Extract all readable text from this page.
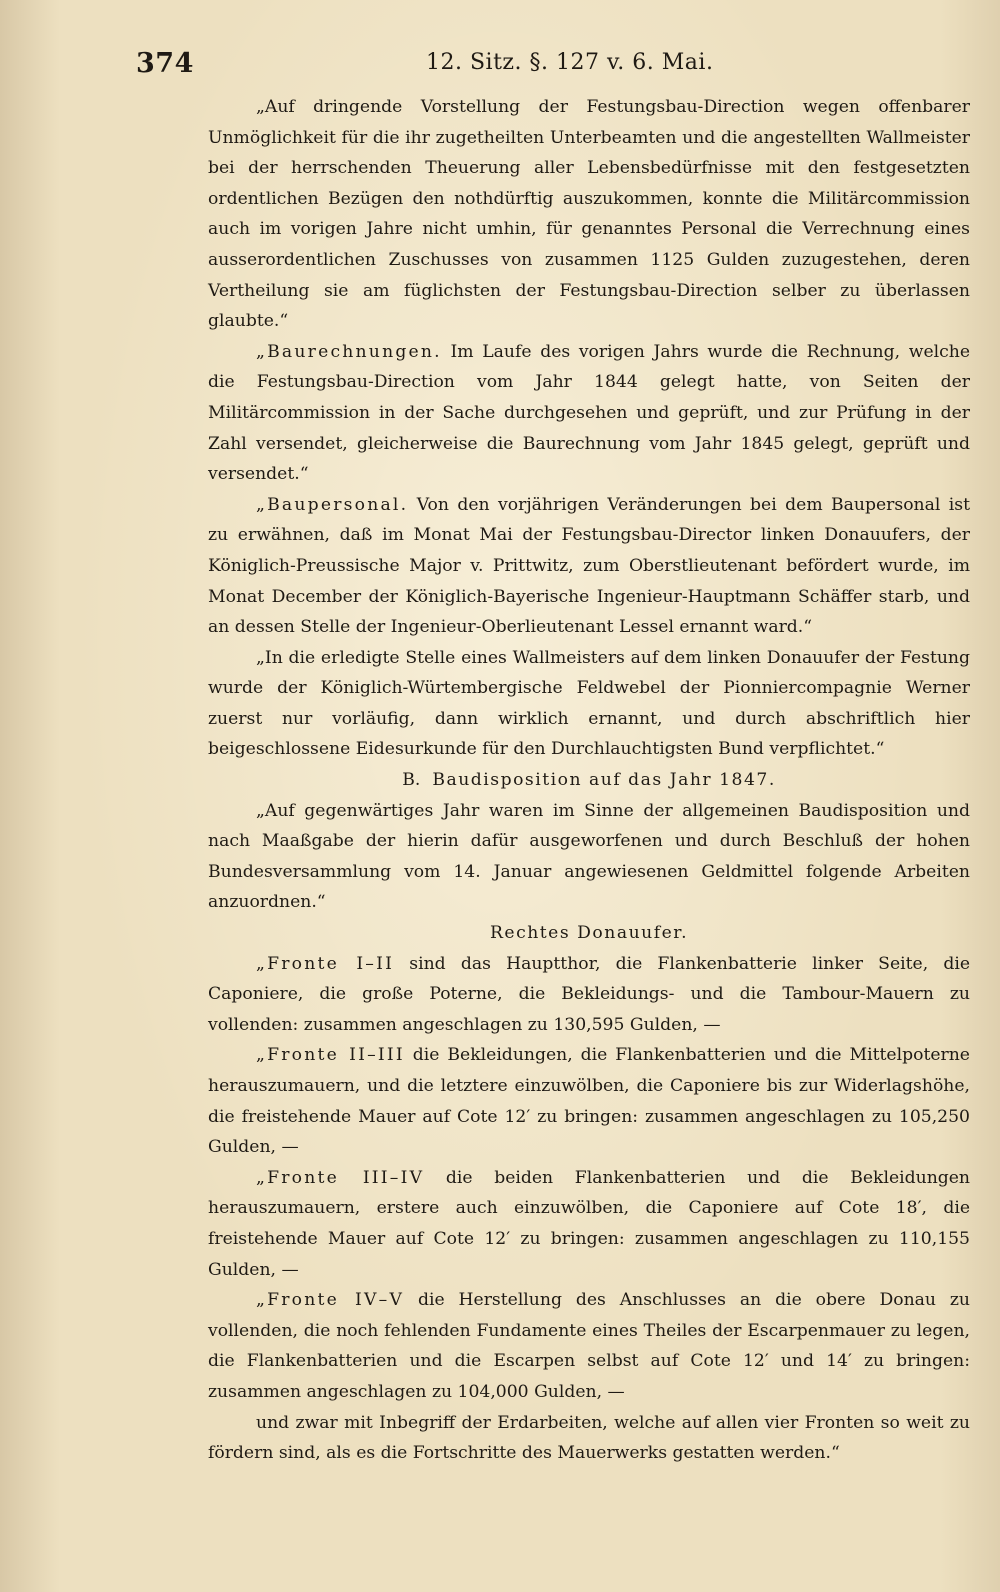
374	12. Sitz. §. 127 v. 6. Mai.

„Auf dringende Vorstellung der Festungsbau-Direction wegen offenbarer Unmöglichkeit für die ihr zugetheilten Unterbeamten und die angestellten Wallmeister bei der herrschenden Theuerung aller Lebensbedürfnisse mit den festgesetzten ordentlichen Bezügen den nothdürftig auszukommen, konnte die Militärcommission auch im vorigen Jahre nicht umhin, für genanntes Personal die Verrechnung eines ausserordentlichen Zuschusses von zusammen 1125 Gulden zuzugestehen, deren Vertheilung sie am füglichsten der Festungsbau-Direction selber zu überlassen glaubte.“

„Baurechnungen. Im Laufe des vorigen Jahrs wurde die Rechnung, welche die Festungsbau-Direction vom Jahr 1844 gelegt hatte, von Seiten der Militärcommission in der Sache durchgesehen und geprüft, und zur Prüfung in der Zahl versendet, gleicherweise die Baurechnung vom Jahr 1845 gelegt, geprüft und versendet.“

„Baupersonal. Von den vorjährigen Veränderungen bei dem Baupersonal ist zu erwähnen, daß im Monat Mai der Festungsbau-Director linken Donauufers, der Königlich-Preussische Major v. Prittwitz, zum Oberstlieutenant befördert wurde, im Monat December der Königlich-Bayerische Ingenieur-Hauptmann Schäffer starb, und an dessen Stelle der Ingenieur-Oberlieutenant Lessel ernannt ward.“

„In die erledigte Stelle eines Wallmeisters auf dem linken Donauufer der Festung wurde der Königlich-Würtembergische Feldwebel der Pionniercompagnie Werner zuerst nur vorläufig, dann wirklich ernannt, und durch abschriftlich hier beigeschlossene Eidesurkunde für den Durchlauchtigsten Bund verpflichtet.“

B. Baudisposition auf das Jahr 1847.

„Auf gegenwärtiges Jahr waren im Sinne der allgemeinen Baudisposition und nach Maaßgabe der hierin dafür ausgeworfenen und durch Beschluß der hohen Bundesversammlung vom 14. Januar angewiesenen Geldmittel folgende Arbeiten anzuordnen.“

Rechtes Donauufer.

„Fronte I–II sind das Hauptthor, die Flankenbatterie linker Seite, die Caponiere, die große Poterne, die Bekleidungs- und die Tambour-Mauern zu vollenden: zusammen angeschlagen zu 130,595 Gulden, —

„Fronte II–III die Bekleidungen, die Flankenbatterien und die Mittelpoterne herauszumauern, und die letztere einzuwölben, die Caponiere bis zur Widerlagshöhe, die freistehende Mauer auf Cote 12′ zu bringen: zusammen angeschlagen zu 105,250 Gulden, —

„Fronte III–IV die beiden Flankenbatterien und die Bekleidungen herauszumauern, erstere auch einzuwölben, die Caponiere auf Cote 18′, die freistehende Mauer auf Cote 12′ zu bringen: zusammen angeschlagen zu 110,155 Gulden, —

„Fronte IV–V die Herstellung des Anschlusses an die obere Donau zu vollenden, die noch fehlenden Fundamente eines Theiles der Escarpenmauer zu legen, die Flankenbatterien und die Escarpen selbst auf Cote 12′ und 14′ zu bringen: zusammen angeschlagen zu 104,000 Gulden, —

und zwar mit Inbegriff der Erdarbeiten, welche auf allen vier Fronten so weit zu fördern sind, als es die Fortschritte des Mauerwerks gestatten werden.“
